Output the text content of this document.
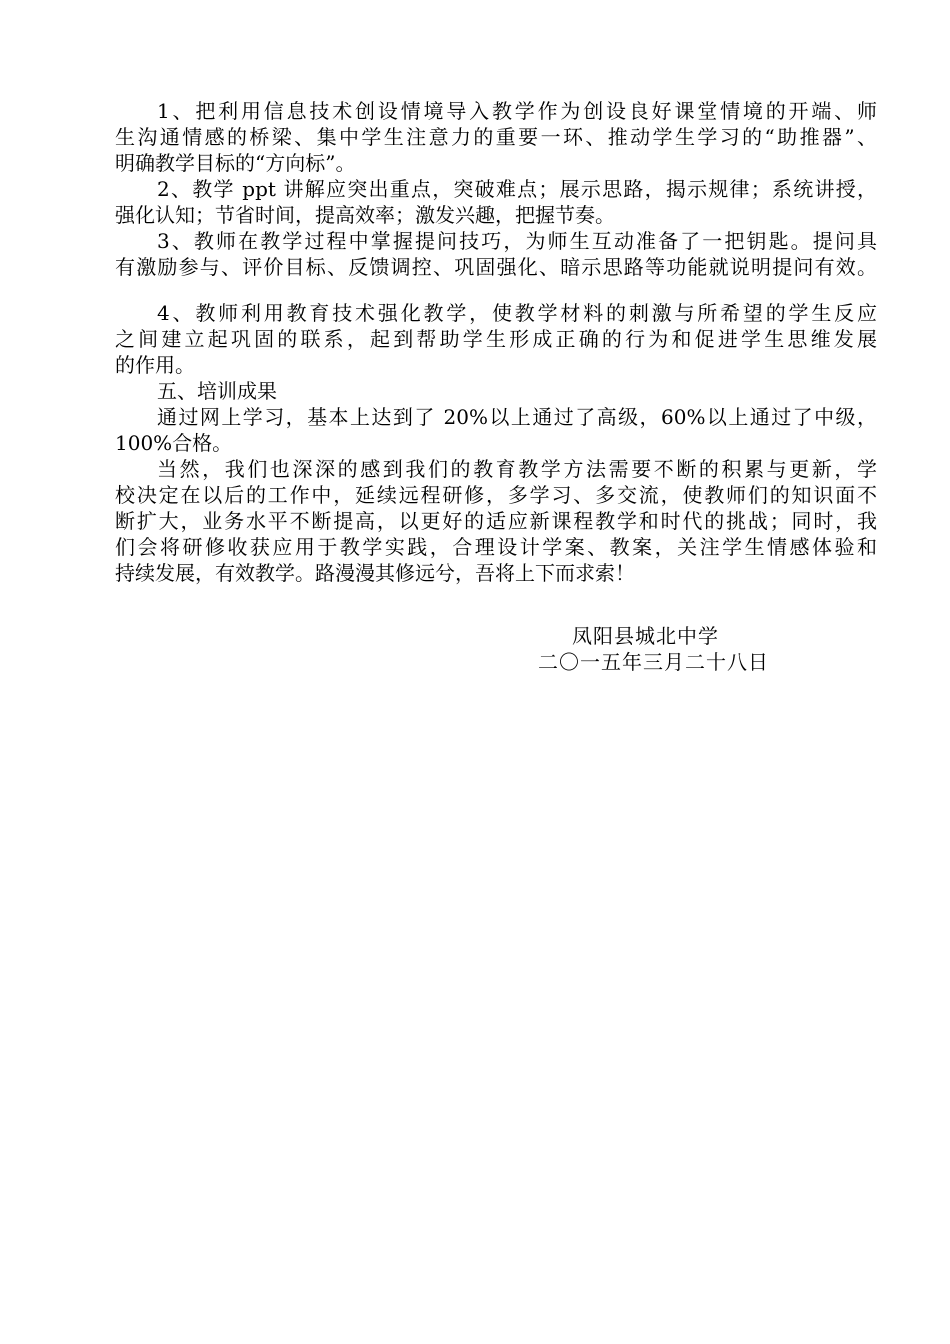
1、把利用信息技术创设情境导入教学作为创设良好课堂情境的开端、师
生沟通情感的桥梁、集中学生注意力的重要一环、推动学生学习的“助推器”、
明确教学目标的“方向标”。
2、教学 ppt 讲解应突出重点，突破难点；展示思路，揭示规律；系统讲授，
强化认知；节省时间，提高效率；激发兴趣，把握节奏。
3、教师在教学过程中掌握提问技巧，为师生互动准备了一把钥匙。提问具
有激励参与、评价目标、反馈调控、巩固强化、暗示思路等功能就说明提问有效。
4、教师利用教育技术强化教学，使教学材料的刺激与所希望的学生反应
之间建立起巩固的联系，起到帮助学生形成正确的行为和促进学生思维发展
的作用。
五、培训成果
通过网上学习，基本上达到了 20%以上通过了高级，60%以上通过了中级，
100%合格。
当然，我们也深深的感到我们的教育教学方法需要不断的积累与更新，学
校决定在以后的工作中，延续远程研修，多学习、多交流，使教师们的知识面不
断扩大，业务水平不断提高，以更好的适应新课程教学和时代的挑战；同时，我
们会将研修收获应用于教学实践，合理设计学案、教案，关注学生情感体验和
持续发展，有效教学。路漫漫其修远兮，吾将上下而求索！
凤阳县城北中学
二〇一五年三月二十八日
